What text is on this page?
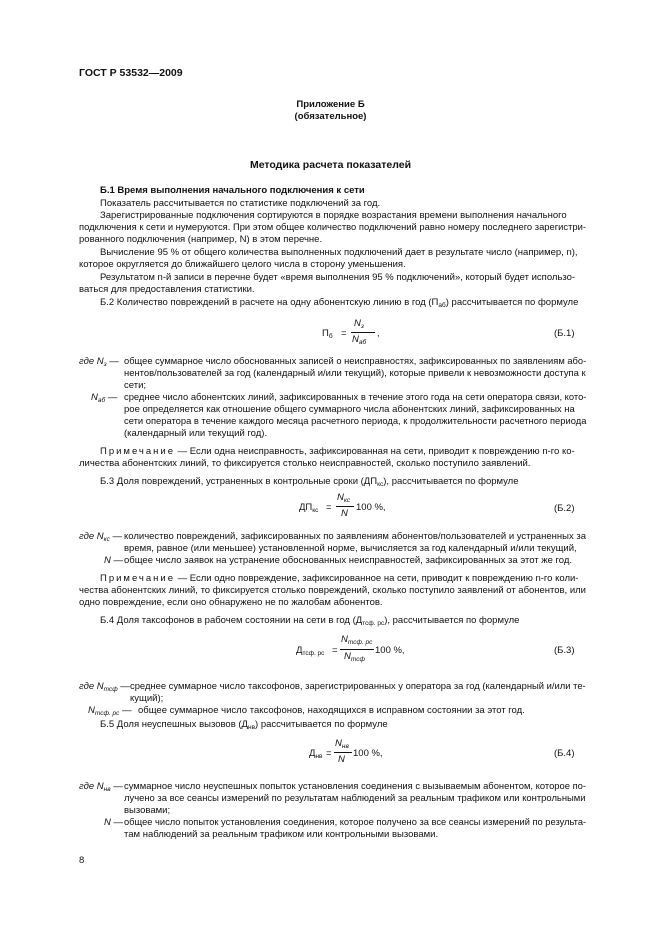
ГОСТ Р 53532—2009
Приложение Б
(обязательное)
Методика расчета показателей
Б.1 Время выполнения начального подключения к сети
Показатель рассчитывается по статистике подключений за год.
Зарегистрированные подключения сортируются в порядке возрастания времени выполнения начального
подключения к сети и нумеруются. При этом общее количество подключений равно номеру последнего зарегистри-
рованного подключения (например, N) в этом перечне.
Вычисление 95 % от общего количества выполненных подключений дает в результате число (например, n),
которое округляется до ближайшего целого числа в сторону уменьшения.
Результатом n-й записи в перечне будет «время выполнения 95 % подключений», который будет использо-
ваться для предоставления статистики.
Б.2 Количество повреждений в расчете на одну абонентскую линию в год $(П_{аб})$ рассчитывается по формуле
$П_б$ =
$N_з$
$N_{аб}$
,	(Б.1)
где $N_з$ — общее суммарное число обоснованных записей о неисправностях, зафиксированных по заявлениям або-
нентов/пользователей за год (календарный и/или текущий), которые привели к невозможности доступа к
сети;
$N_{аб}$ — среднее число абонентских линий, зафиксированных в течение этого года на сети оператора связи, кото-
рое определяется как отношение общего суммарного числа абонентских линий, зафиксированных на
сети оператора в течение каждого месяца расчетного периода, к продолжительности расчетного периода
(календарный или текущий год).
Примечание — Если одна неисправность, зафиксированная на сети, приводит к повреждению n-го ко-
личества абонентских линий, то фиксируется столько неисправностей, сколько поступило заявлений.
Б.3 Доля повреждений, устраненных в контрольные сроки $(ДП_{кс})$, рассчитывается по формуле
$ДП_{кс}$ =
$N_{кс}$
N
100 %,	(Б.2)
где $N_{кс}$ — количество повреждений, зафиксированных по заявлениям абонентов/пользователей и устраненных за
время, равное (или меньшее) установленной норме, вычисляется за год календарный и/или текущий,
N — общее число заявок на устранение обоснованных неисправностей, зафиксированных за этот же год.
Примечание — Если одно повреждение, зафиксированное на сети, приводит к повреждению n-го коли-
чества абонентских линий, то фиксируется столько повреждений, сколько поступило заявлений от абонентов, или
одно повреждение, если оно обнаружено не по жалобам абонентов.
Б.4 Доля таксофонов в рабочем состоянии на сети в год $(Д_{тсф. рс})$, рассчитывается по формуле
$Д_{тсф. рс}$ =
$N_{тсф. рс}$
$N_{тсф}$
100 %,	(Б.3)
где $N_{тсф}$ — среднее суммарное число таксофонов, зарегистрированных у оператора за год (календарный и/или те-
кущий);
$N_{тсф. рс}$ — общее суммарное число таксофонов, находящихся в исправном состоянии за этот год.
Б.5 Доля неуспешных вызовов $(Д_{нв})$ рассчитывается по формуле
$Д_{нв}$ =
$N_{нв}$
N
100 %,	(Б.4)
где $N_{нв}$ — суммарное число неуспешных попыток установления соединения с вызываемым абонентом, которое по-
лучено за все сеансы измерений по результатам наблюдений за реальным трафиком или контрольными
вызовами;
N — общее число попыток установления соединения, которое получено за все сеансы измерений по результа-
там наблюдений за реальным трафиком или контрольными вызовами.
8
